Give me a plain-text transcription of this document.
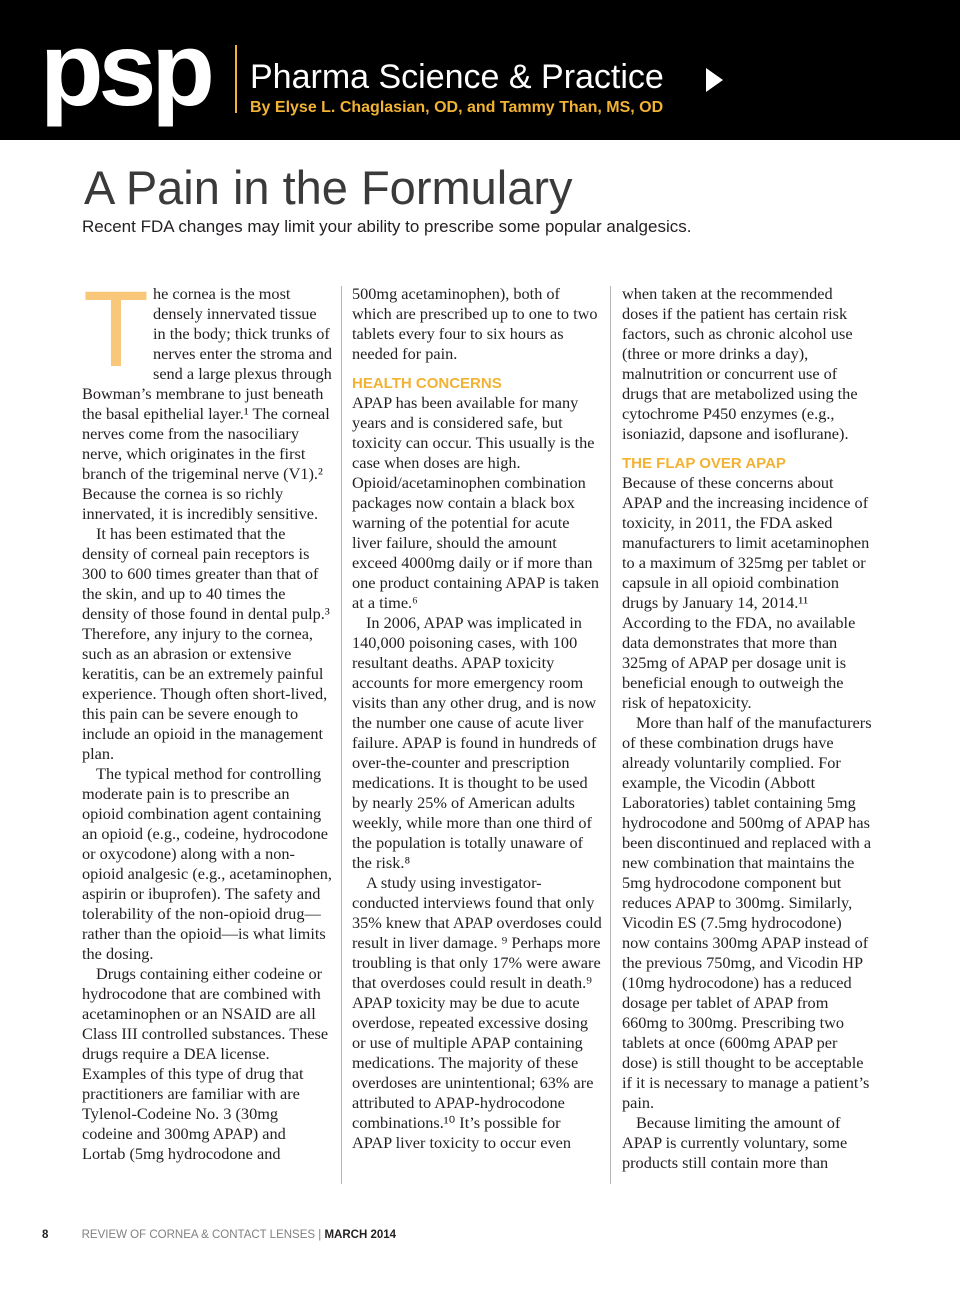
psp Pharma Science & Practice
By Elyse L. Chaglasian, OD, and Tammy Than, MS, OD
A Pain in the Formulary
Recent FDA changes may limit your ability to prescribe some popular analgesics.

The cornea is the most densely innervated tissue in the body; thick trunks of nerves enter the stroma and send a large plexus through Bowman’s membrane to just beneath the basal epithelial layer.¹ The corneal nerves come from the nasociliary nerve, which originates in the first branch of the trigeminal nerve (V1).² Because the cornea is so richly innervated, it is incredibly sensitive.

It has been estimated that the density of corneal pain receptors is 300 to 600 times greater than that of the skin, and up to 40 times the density of those found in dental pulp.³ Therefore, any injury to the cornea, such as an abrasion or extensive keratitis, can be an extremely painful experience. Though often short-lived, this pain can be severe enough to include an opioid in the management plan.

The typical method for controlling moderate pain is to prescribe an opioid combination agent containing an opioid (e.g., codeine, hydrocodone or oxycodone) along with a non-opioid analgesic (e.g., acetaminophen, aspirin or ibuprofen). The safety and tolerability of the non-opioid drug—rather than the opioid—is what limits the dosing.

Drugs containing either codeine or hydrocodone that are combined with acetaminophen or an NSAID are all Class III controlled substances. These drugs require a DEA license. Examples of this type of drug that practitioners are familiar with are Tylenol-Codeine No. 3 (30mg codeine and 300mg APAP) and Lortab (5mg hydrocodone and

500mg acetaminophen), both of which are prescribed up to one to two tablets every four to six hours as needed for pain.

HEALTH CONCERNS

APAP has been available for many years and is considered safe, but toxicity can occur. This usually is the case when doses are high. Opioid/acetaminophen combination packages now contain a black box warning of the potential for acute liver failure, should the amount exceed 4000mg daily or if more than one product containing APAP is taken at a time.⁶

In 2006, APAP was implicated in 140,000 poisoning cases, with 100 resultant deaths. APAP toxicity accounts for more emergency room visits than any other drug, and is now the number one cause of acute liver failure. APAP is found in hundreds of over-the-counter and prescription medications. It is thought to be used by nearly 25% of American adults weekly, while more than one third of the population is totally unaware of the risk.⁸

A study using investigator-conducted interviews found that only 35% knew that APAP overdoses could result in liver damage. ⁹ Perhaps more troubling is that only 17% were aware that overdoses could result in death.⁹ APAP toxicity may be due to acute overdose, repeated excessive dosing or use of multiple APAP containing medications. The majority of these overdoses are unintentional; 63% are attributed to APAP-hydrocodone combinations.¹⁰ It’s possible for APAP liver toxicity to occur even

when taken at the recommended doses if the patient has certain risk factors, such as chronic alcohol use (three or more drinks a day), malnutrition or concurrent use of drugs that are metabolized using the cytochrome P450 enzymes (e.g., isoniazid, dapsone and isoflurane).

THE FLAP OVER APAP

Because of these concerns about APAP and the increasing incidence of toxicity, in 2011, the FDA asked manufacturers to limit acetaminophen to a maximum of 325mg per tablet or capsule in all opioid combination drugs by January 14, 2014.¹¹ According to the FDA, no available data demonstrates that more than 325mg of APAP per dosage unit is beneficial enough to outweigh the risk of hepatoxicity.

More than half of the manufacturers of these combination drugs have already voluntarily complied. For example, the Vicodin (Abbott Laboratories) tablet containing 5mg hydrocodone and 500mg of APAP has been discontinued and replaced with a new combination that maintains the 5mg hydrocodone component but reduces APAP to 300mg. Similarly, Vicodin ES (7.5mg hydrocodone) now contains 300mg APAP instead of the previous 750mg, and Vicodin HP (10mg hydrocodone) has a reduced dosage per tablet of APAP from 660mg to 300mg. Prescribing two tablets at once (600mg APAP per dose) is still thought to be acceptable if it is necessary to manage a patient’s pain.

Because limiting the amount of APAP is currently voluntary, some products still contain more than

8	REVIEW OF CORNEA & CONTACT LENSES | MARCH 2014
